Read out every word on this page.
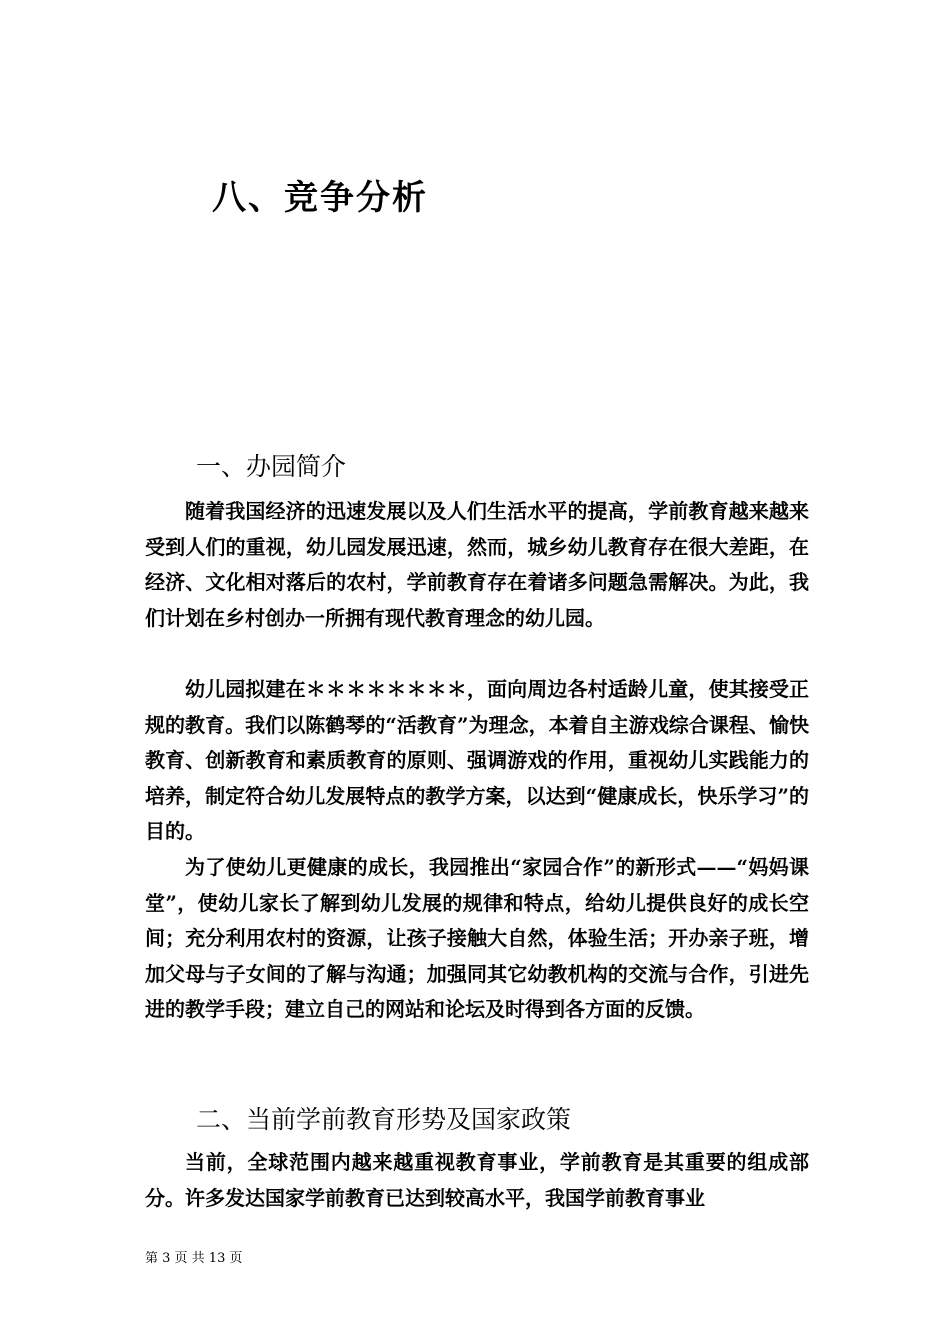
八、竞争分析
一、办园简介

随着我国经济的迅速发展以及人们生活水平的提高，学前教育越来越来受到人们的重视，幼儿园发展迅速，然而，城乡幼儿教育存在很大差距，在经济、文化相对落后的农村，学前教育存在着诸多问题急需解决。为此，我们计划在乡村创办一所拥有现代教育理念的幼儿园。

幼儿园拟建在＊＊＊＊＊＊＊＊，面向周边各村适龄儿童，使其接受正规的教育。我们以陈鹤琴的“活教育”为理念，本着自主游戏综合课程、愉快教育、创新教育和素质教育的原则、强调游戏的作用，重视幼儿实践能力的培养，制定符合幼儿发展特点的教学方案，以达到“健康成长，快乐学习”的目的。

为了使幼儿更健康的成长，我园推出“家园合作”的新形式——“妈妈课堂”，使幼儿家长了解到幼儿发展的规律和特点，给幼儿提供良好的成长空间；充分利用农村的资源，让孩子接触大自然，体验生活；开办亲子班，增加父母与子女间的了解与沟通；加强同其它幼教机构的交流与合作，引进先进的教学手段；建立自己的网站和论坛及时得到各方面的反馈。

二、当前学前教育形势及国家政策

当前，全球范围内越来越重视教育事业，学前教育是其重要的组成部分。许多发达国家学前教育已达到较高水平，我国学前教育事业

第 3 页 共 13 页
